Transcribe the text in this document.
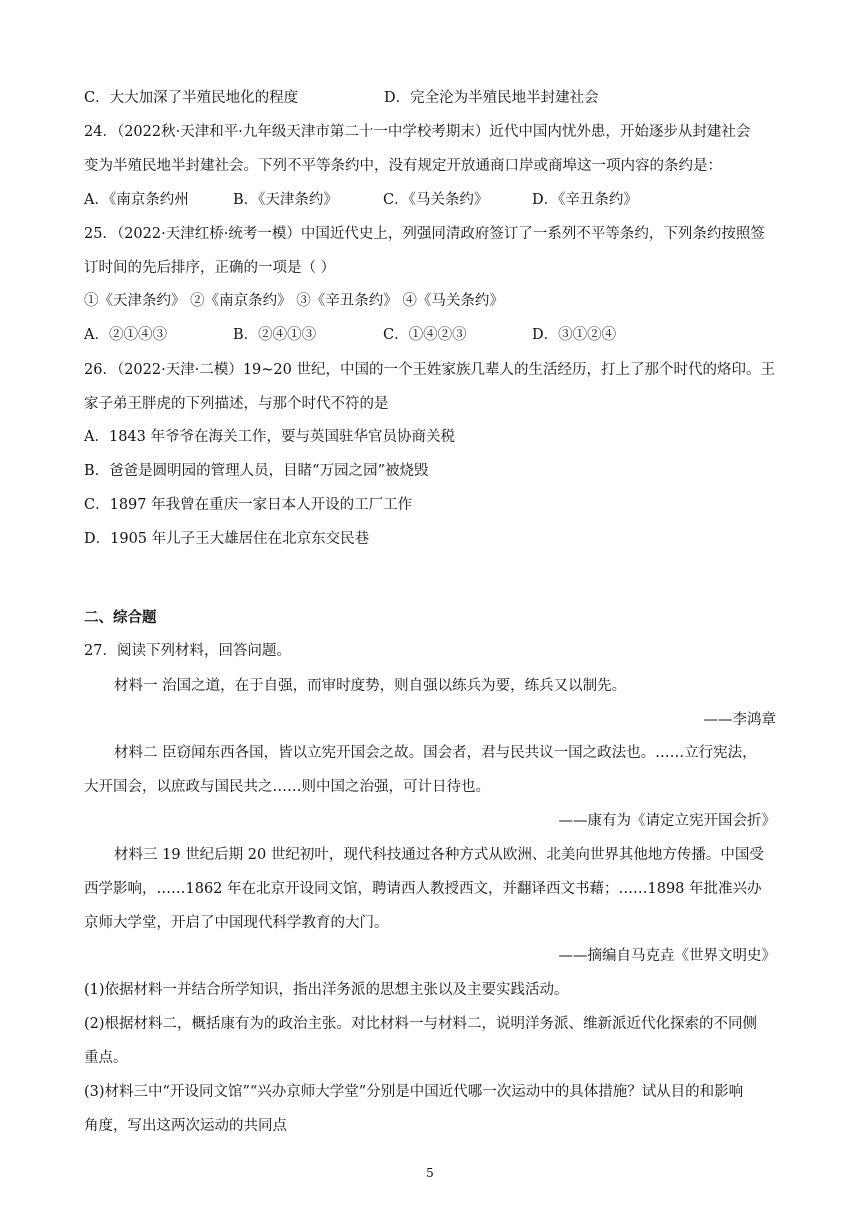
C．大大加深了半殖民地化的程度	D．完全沦为半殖民地半封建社会
24．（2022秋·天津和平·九年级天津市第二十一中学校考期末）近代中国内忧外患，开始逐步从封建社会
变为半殖民地半封建社会。下列不平等条约中，没有规定开放通商口岸或商埠这一项内容的条约是：
A．《南京条约州	B．《天津条约》	C．《马关条约》	D．《辛丑条约》
25．（2022·天津红桥·统考一模）中国近代史上，列强同清政府签订了一系列不平等条约，下列条约按照签
订时间的先后排序，正确的一项是（ ）
①《天津条约》 ②《南京条约》 ③《辛丑条约》 ④《马关条约》
A．②①④③	B．②④①③	C．①④②③	D．③①②④
26．（2022·天津·二模）19~20 世纪，中国的一个王姓家族几辈人的生活经历，打上了那个时代的烙印。王
家子弟王胖虎的下列描述，与那个时代不符的是
A．1843 年爷爷在海关工作，要与英国驻华官员协商关税
B．爸爸是圆明园的管理人员，目睹“万园之园”被烧毁
C．1897 年我曾在重庆一家日本人开设的工厂工作
D．1905 年儿子王大雄居住在北京东交民巷
二、综合题
27．阅读下列材料，回答问题。
材料一 治国之道，在于自强，而审时度势，则自强以练兵为要，练兵又以制先。
——李鸿章
材料二 臣窃闻东西各国，皆以立宪开国会之故。国会者，君与民共议一国之政法也。……立行宪法，
大开国会，以庶政与国民共之……则中国之治强，可计日待也。
——康有为《请定立宪开国会折》
材料三 19 世纪后期 20 世纪初叶，现代科技通过各种方式从欧洲、北美向世界其他地方传播。中国受
西学影响，……1862 年在北京开设同文馆，聘请西人教授西文，并翻译西文书藉；……1898 年批准兴办
京师大学堂，开启了中国现代科学教育的大门。
——摘编自马克垚《世界文明史》
(1)依据材料一并结合所学知识，指出洋务派的思想主张以及主要实践活动。
(2)根据材料二，概括康有为的政治主张。对比材料一与材料二，说明洋务派、维新派近代化探索的不同侧
重点。
(3)材料三中“开设同文馆”“兴办京师大学堂”分别是中国近代哪一次运动中的具体措施？试从目的和影响
角度，写出这两次运动的共同点
5
